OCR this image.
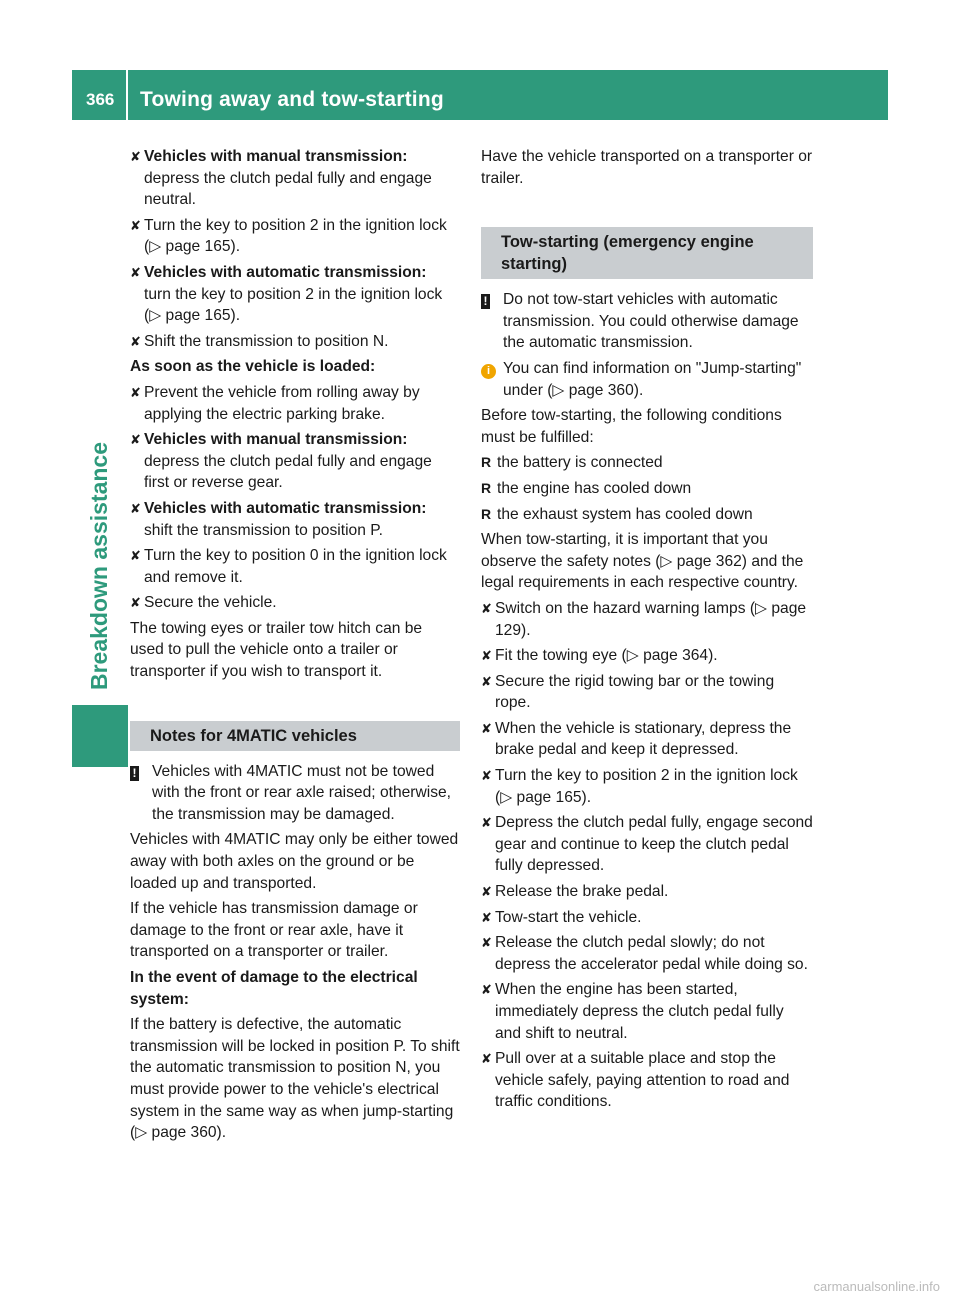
366	Towing away and tow-starting
Breakdown assistance
✘ Vehicles with manual transmission:
depress the clutch pedal fully and engage neutral.
✘ Turn the key to position 2 in the ignition lock (▷ page 165).
✘ Vehicles with automatic transmission:
turn the key to position 2 in the ignition lock (▷ page 165).
✘ Shift the transmission to position N.

As soon as the vehicle is loaded:

✘ Prevent the vehicle from rolling away by applying the electric parking brake.
✘ Vehicles with manual transmission:
depress the clutch pedal fully and engage first or reverse gear.
✘ Vehicles with automatic transmission:
shift the transmission to position P.
✘ Turn the key to position 0 in the ignition lock and remove it.
✘ Secure the vehicle.

The towing eyes or trailer tow hitch can be used to pull the vehicle onto a trailer or transporter if you wish to transport it.

Notes for 4MATIC vehicles
! Vehicles with 4MATIC must not be towed with the front or rear axle raised; otherwise, the transmission may be damaged.

Vehicles with 4MATIC may only be either towed away with both axles on the ground or be loaded up and transported.

If the vehicle has transmission damage or damage to the front or rear axle, have it transported on a transporter or trailer.

In the event of damage to the electrical system:

If the battery is defective, the automatic transmission will be locked in position P. To shift the automatic transmission to position N, you must provide power to the vehicle's electrical system in the same way as when jump-starting (▷ page 360).

Have the vehicle transported on a transporter or trailer.

Tow-starting (emergency engine starting)
! Do not tow-start vehicles with automatic transmission. You could otherwise damage the automatic transmission.
i You can find information on "Jump-starting" under (▷ page 360).

Before tow-starting, the following conditions must be fulfilled:

R the battery is connected
R the engine has cooled down
R the exhaust system has cooled down

When tow-starting, it is important that you observe the safety notes (▷ page 362) and the legal requirements in each respective country.

✘ Switch on the hazard warning lamps (▷ page 129).
✘ Fit the towing eye (▷ page 364).
✘ Secure the rigid towing bar or the towing rope.
✘ When the vehicle is stationary, depress the brake pedal and keep it depressed.
✘ Turn the key to position 2 in the ignition lock (▷ page 165).
✘ Depress the clutch pedal fully, engage second gear and continue to keep the clutch pedal fully depressed.
✘ Release the brake pedal.
✘ Tow-start the vehicle.
✘ Release the clutch pedal slowly; do not depress the accelerator pedal while doing so.
✘ When the engine has been started, immediately depress the clutch pedal fully and shift to neutral.
✘ Pull over at a suitable place and stop the vehicle safely, paying attention to road and traffic conditions.
carmanualsonline.info
